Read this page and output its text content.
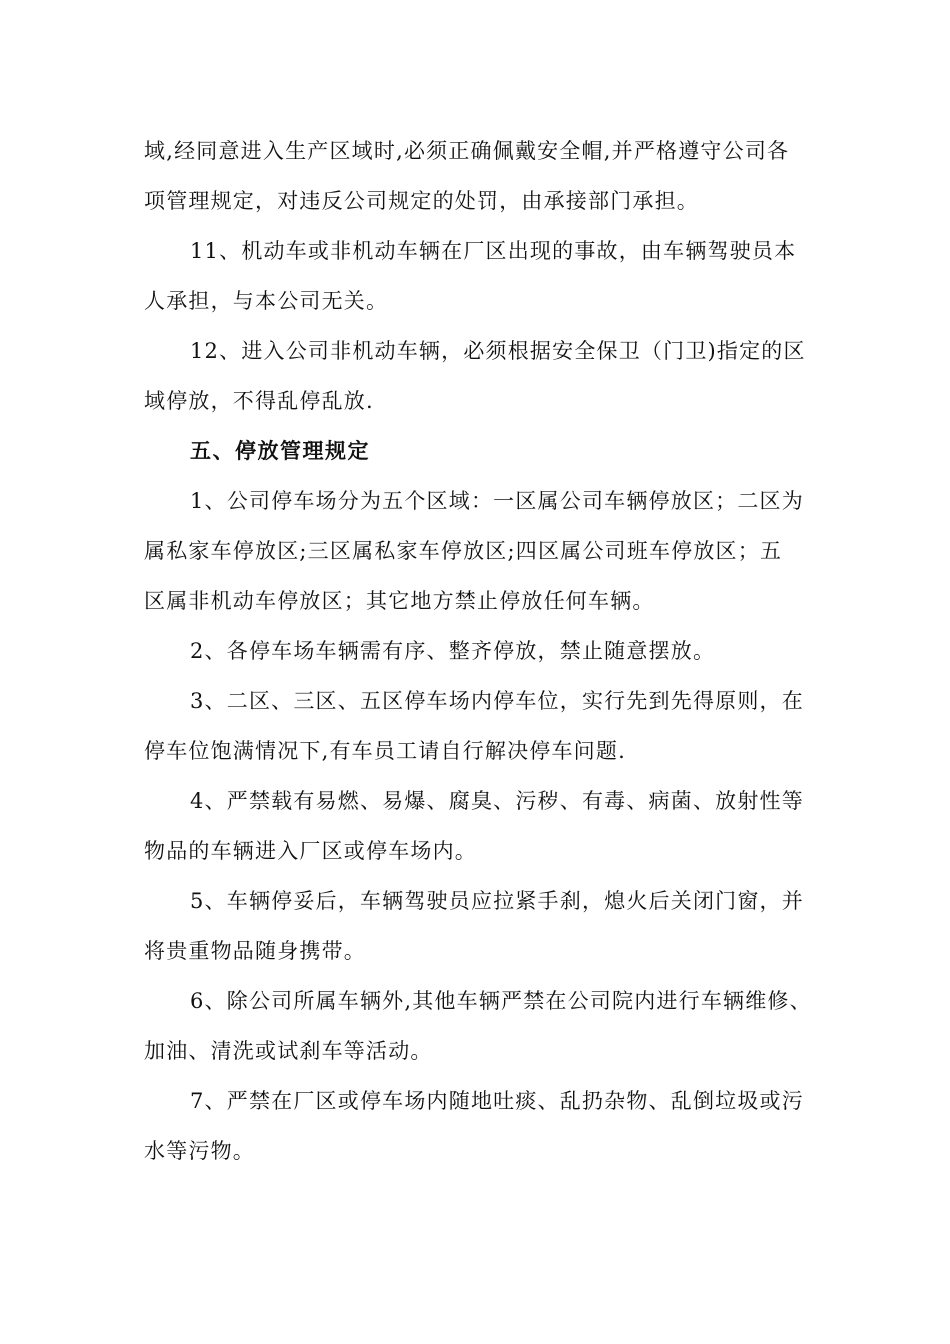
域,经同意进入生产区域时,必须正确佩戴安全帽,并严格遵守公司各
项管理规定，对违反公司规定的处罚，由承接部门承担。
11、机动车或非机动车辆在厂区出现的事故，由车辆驾驶员本
人承担，与本公司无关。
12、进入公司非机动车辆，必须根据安全保卫（门卫)指定的区
域停放，不得乱停乱放.
五、停放管理规定
1、公司停车场分为五个区域：一区属公司车辆停放区；二区为
属私家车停放区;三区属私家车停放区;四区属公司班车停放区；五
区属非机动车停放区；其它地方禁止停放任何车辆。
2、各停车场车辆需有序、整齐停放，禁止随意摆放。
3、二区、三区、五区停车场内停车位，实行先到先得原则，在
停车位饱满情况下,有车员工请自行解决停车问题.
4、严禁载有易燃、易爆、腐臭、污秽、有毒、病菌、放射性等
物品的车辆进入厂区或停车场内。
5、车辆停妥后，车辆驾驶员应拉紧手刹，熄火后关闭门窗，并
将贵重物品随身携带。
6、除公司所属车辆外,其他车辆严禁在公司院内进行车辆维修、
加油、清洗或试刹车等活动。
7、严禁在厂区或停车场内随地吐痰、乱扔杂物、乱倒垃圾或污
水等污物。
